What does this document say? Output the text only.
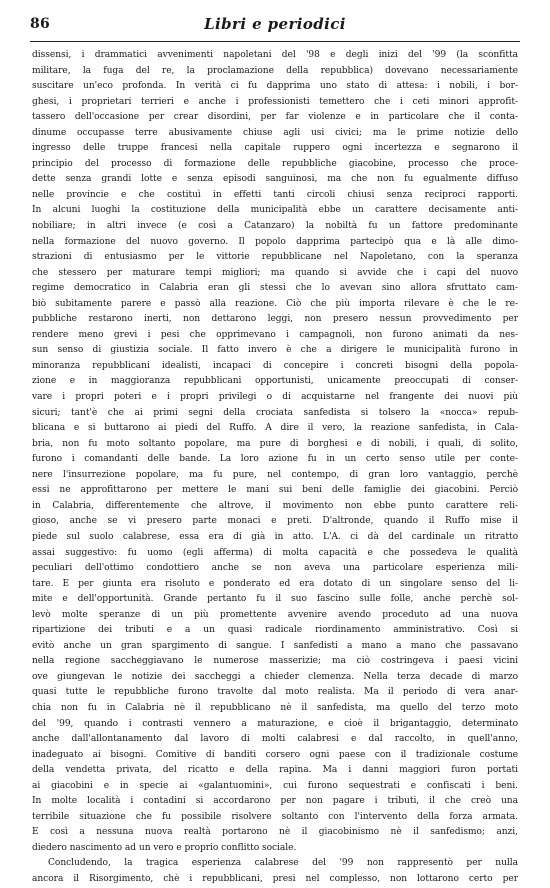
86	Libri e periodici
dissensi, i drammatici avvenimenti napoletani del '98 e degli inizi del '99 (la sconfitta
militare, la fuga del re, la proclamazione della repubblica) dovevano necessariamente
suscitare un'eco profonda. In verità ci fu dapprima uno stato di attesa: i nobili, i bor-
ghesi, i proprietari terrieri e anche i professionisti temettero che i ceti minori approfit-
tassero dell'occasione per crear disordini, per far violenze e in particolare che il conta-
dinume occupasse terre abusivamente chiuse agli usi civici; ma le prime notizie dello
ingresso delle truppe francesi nella capitale ruppero ogni incertezza e segnarono il
principio del processo di formazione delle repubbliche giacobine, processo che proce-
dette senza grandi lotte e senza episodi sanguinosi, ma che non fu egualmente diffuso
nelle provincie e che costituì in effetti tanti circoli chiusi senza reciproci rapporti.
In alcuni luoghi la costituzione della municipalità ebbe un carattere decisamente anti-
nobiliare; in altri invece (e così a Catanzaro) la nobiltà fu un fattore predominante
nella formazione del nuovo governo. Il popolo dapprima partecipò qua e là alle dimo-
strazioni di entusiasmo per le vittorie repubblicane nel Napoletano, con la speranza
che stessero per maturare tempi migliori; ma quando si avvide che i capi del nuovo
regime democratico in Calabria eran gli stessi che lo avevan sino allora sfruttato cam-
biò subitamente parere e passò alla reazione. Ciò che più importa rilevare è che le re-
pubbliche restarono inerti, non dettarono leggi, non presero nessun provvedimento per
rendere meno grevi i pesi che opprimevano i campagnoli, non furono animati da nes-
sun senso di giustizia sociale. Il fatto invero è che a dirigere le municipalità furono in
minoranza repubblicani idealisti, incapaci di concepire i concreti bisogni della popola-
zione e in maggioranza repubblicani opportunisti, unicamente preoccupati di conser-
vare i propri poteri e i propri privilegi o di acquistarne nel frangente dei nuovi più
sicuri; tant'è che ai primi segni della crociata sanfedista si tolsero la «nocca» repub-
blicana e si buttarono ai piedi del Ruffo. A dire il vero, la reazione sanfedista, in Cala-
bria, non fu moto soltanto popolare, ma pure di borghesi e di nobili, i quali, di solito,
furono i comandanti delle bande. La loro azione fu in un certo senso utile per conte-
nere l'insurrezione popolare, ma fu pure, nel contempo, di gran loro vantaggio, perchè
essi ne approfittarono per mettere le mani sui beni delle famiglie dei giacobini. Perciò
in Calabria, differentemente che altrove, il movimento non ebbe punto carattere reli-
gioso, anche se vi presero parte monaci e preti. D'altronde, quando il Ruffo mise il
piede sul suolo calabrese, essa era di già in atto. L'A. ci dà del cardinale un ritratto
assai suggestivo: fu uomo (egli afferma) di molta capacità e che possedeva le qualità
peculiari dell'ottimo condottiero anche se non aveva una particolare esperienza mili-
tare. E per giunta era risoluto e ponderato ed era dotato di un singolare senso del li-
mite e dell'opportunità. Grande pertanto fu il suo fascino sulle folle, anche perchè sol-
levò molte speranze di un più promettente avvenire avendo proceduto ad una nuova
ripartizione dei tributi e a un quasi radicale riordinamento amministrativo. Così si
evitò anche un gran spargimento di sangue. I sanfedisti a mano a mano che passavano
nella regione saccheggiavano le numerose masserizie; ma ciò costringeva i paesi vicini
ove giungevan le notizie dei saccheggi a chieder clemenza. Nella terza decade di marzo
quasi tutte le repubbliche furono travolte dal moto realista. Ma il periodo di vera anar-
chia non fu in Calabria nè il repubblicano nè il sanfedista, ma quello del terzo moto
del '99, quando i contrasti vennero a maturazione, e cioè il brigantaggio, determinato
anche dall'allontanamento dal lavoro di molti calabresi e dal raccolto, in quell'anno,
inadeguato ai bisogni. Comitive di banditi corsero ogni paese con il tradizionale costume
della vendetta privata, del ricatto e della rapina. Ma i danni maggiori furon portati
ai giacobini e in specie ai «galantuomini», cui furono sequestrati e confiscati i beni.
In molte località i contadini si accordarono per non pagare i tributi, il che creò una
terribile situazione che fu possibile risolvere soltanto con l'intervento della forza armata.
E così a nessuna nuova realtà portarono nè il giacobinismo nè il sanfedismo; anzi,
diedero nascimento ad un vero e proprio conflitto sociale.
Concludendo, la tragica esperienza calabrese del '99 non rappresentò per nulla
ancora il Risorgimento, chè i repubblicani, presi nel complesso, non lottarono certo per
